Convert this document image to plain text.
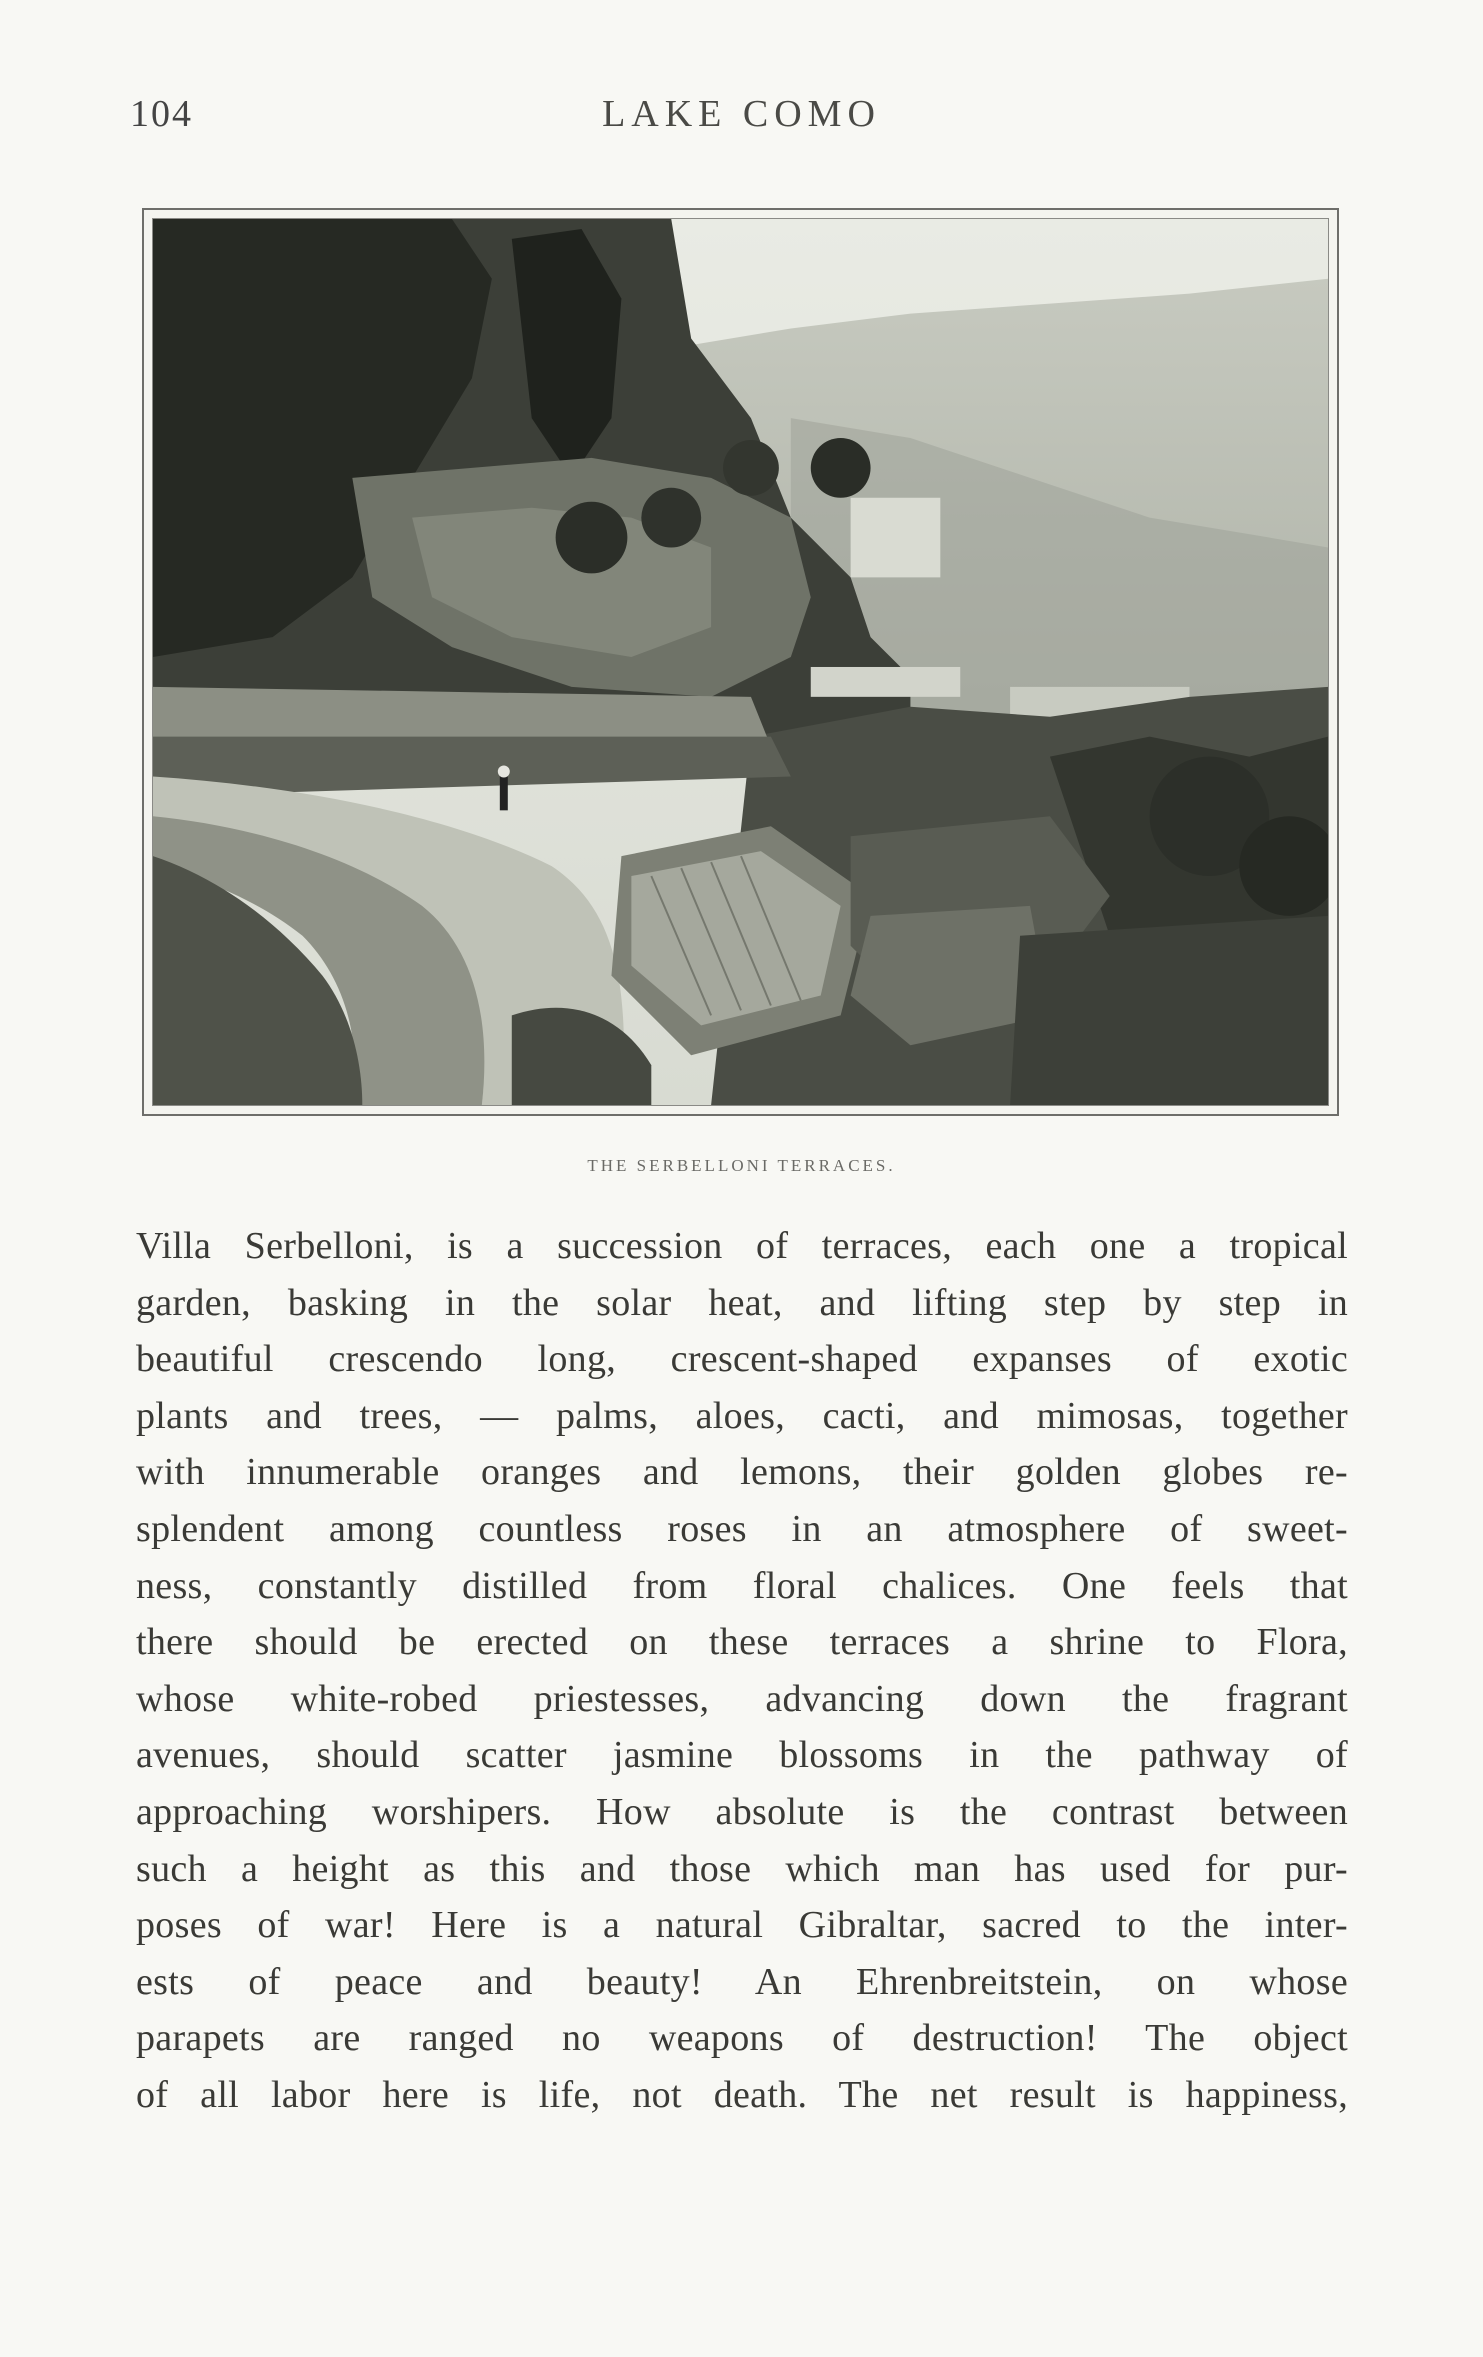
104	LAKE COMO
THE SERBELLONI TERRACES.
Villa Serbelloni, is a succession of terraces, each one a tropical
garden, basking in the solar heat, and lifting step by step in
beautiful crescendo long, crescent-shaped expanses of exotic
plants and trees, — palms, aloes, cacti, and mimosas, together
with innumerable oranges and lemons, their golden globes re-
splendent among countless roses in an atmosphere of sweet-
ness, constantly distilled from floral chalices. One feels that
there should be erected on these terraces a shrine to Flora,
whose white-robed priestesses, advancing down the fragrant
avenues, should scatter jasmine blossoms in the pathway of
approaching worshipers. How absolute is the contrast between
such a height as this and those which man has used for pur-
poses of war! Here is a natural Gibraltar, sacred to the inter-
ests of peace and beauty! An Ehrenbreitstein, on whose
parapets are ranged no weapons of destruction! The object
of all labor here is life, not death. The net result is happiness,
